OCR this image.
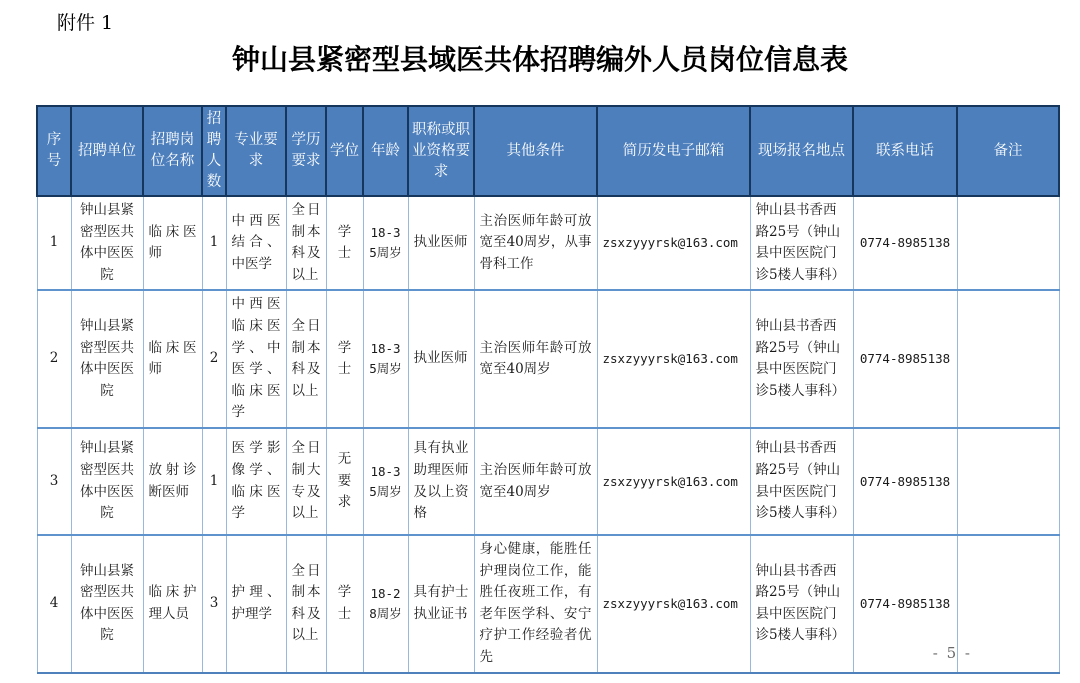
附件 1
钟山县紧密型县域医共体招聘编外人员岗位信息表
序号	招聘单位	招聘岗位名称	招聘人数	专业要求	学历要求	学位	年龄	职称或职业资格要求	其他条件	简历发电子邮箱	现场报名地点	联系电话	备注
1	钟山县紧密型医共体中医医院	临床医师	1	中西医结合、中医学	全日制本科及以上	学士	18-35周岁	执业医师	主治医师年龄可放宽至40周岁，从事骨科工作	zsxzyyyrsk@163.com	钟山县书香西路25号（钟山县中医医院门诊5楼人事科）	0774-8985138	
2	钟山县紧密型医共体中医医院	临床医师	2	中西医临床医学、中医学、临床医学	全日制本科及以上	学士	18-35周岁	执业医师	主治医师年龄可放宽至40周岁	zsxzyyyrsk@163.com	钟山县书香西路25号（钟山县中医医院门诊5楼人事科）	0774-8985138	
3	钟山县紧密型医共体中医医院	放射诊断医师	1	医学影像学、临床医学	全日制大专及以上	无要求	18-35周岁	具有执业助理医师及以上资格	主治医师年龄可放宽至40周岁	zsxzyyyrsk@163.com	钟山县书香西路25号（钟山县中医医院门诊5楼人事科）	0774-8985138	
4	钟山县紧密型医共体中医医院	临床护理人员	3	护理、护理学	全日制本科及以上	学士	18-28周岁	具有护士执业证书	身心健康，能胜任护理岗位工作，能胜任夜班工作，有老年医学科、安宁疗护工作经验者优先	zsxzyyyrsk@163.com	钟山县书香西路25号（钟山县中医医院门诊5楼人事科）	0774-8985138	
- 5 -
